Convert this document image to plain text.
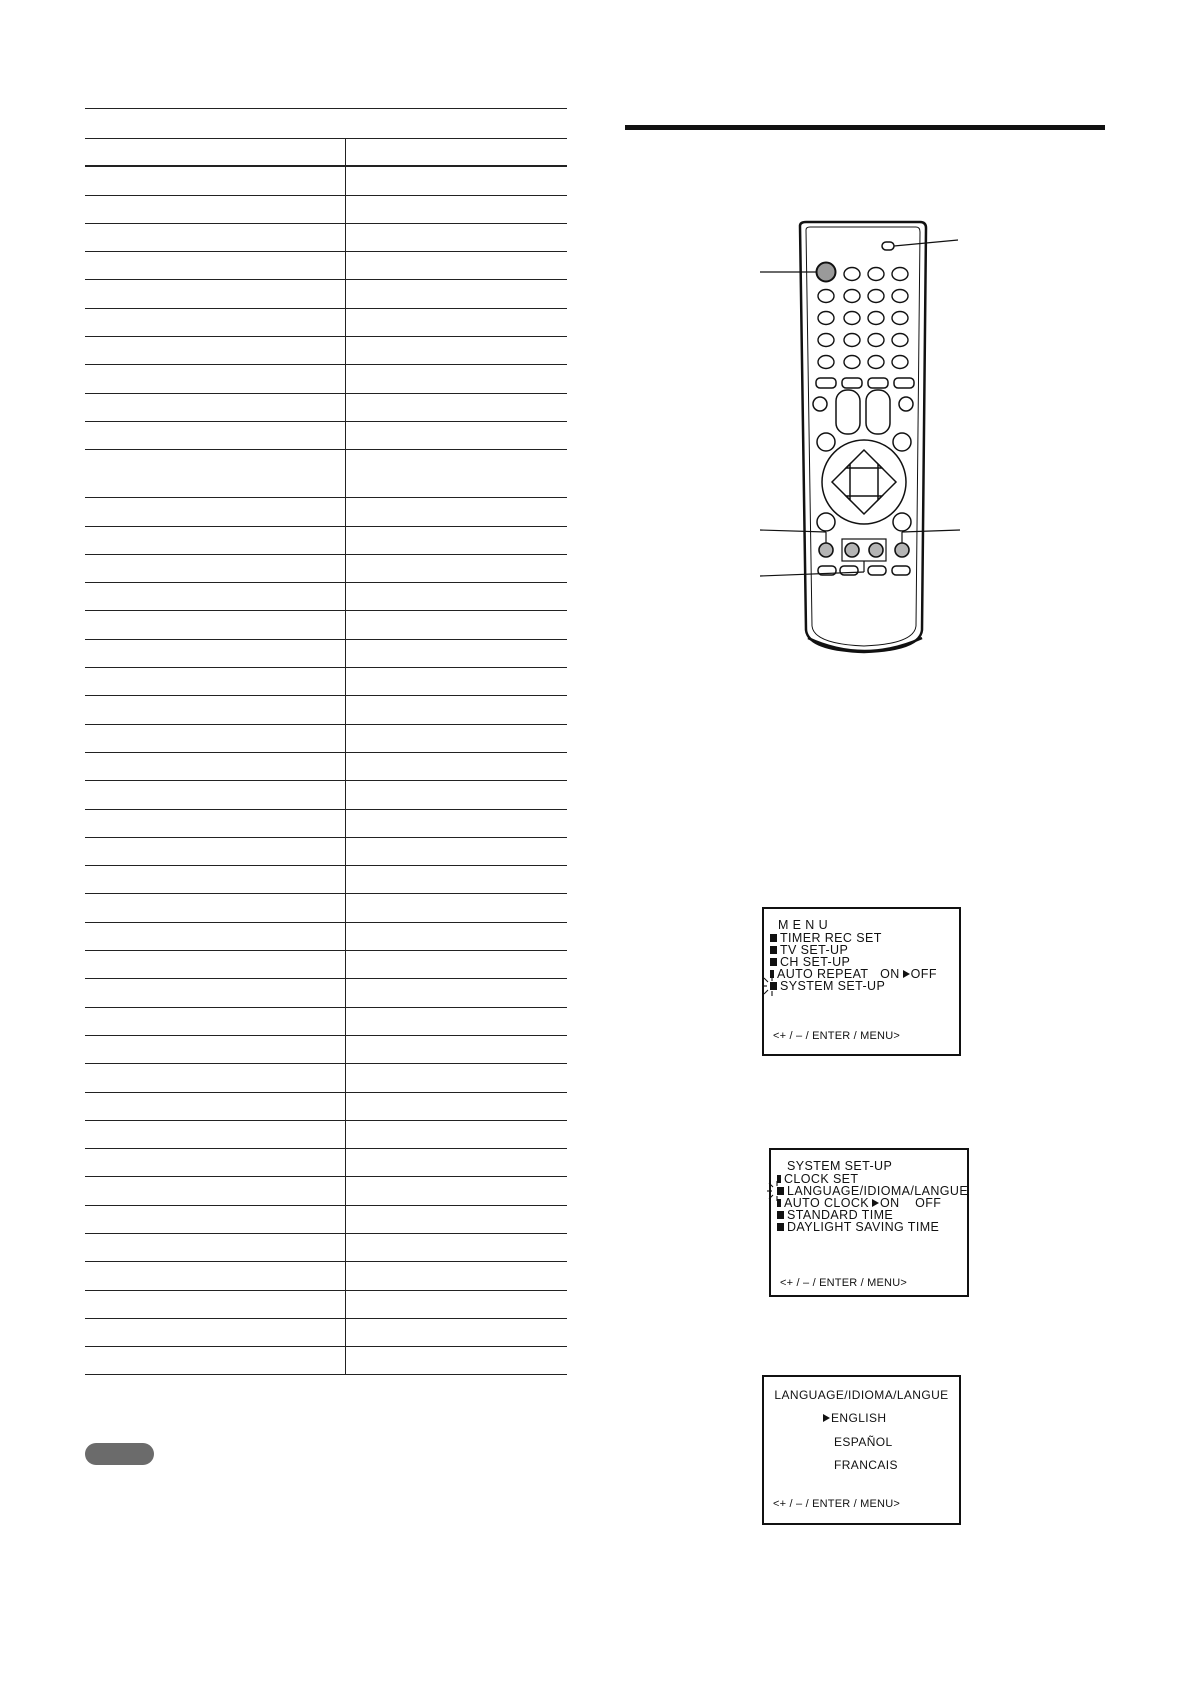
M E N U
TIMER REC SET
TV SET-UP
CH SET-UP
AUTO REPEAT ON OFF
SYSTEM SET-UP
<+ / – / ENTER / MENU>
SYSTEM SET-UP
CLOCK SET
LANGUAGE/IDIOMA/LANGUE
AUTO CLOCK ON OFF
STANDARD TIME
DAYLIGHT SAVING TIME
<+ / – / ENTER / MENU>
LANGUAGE/IDIOMA/LANGUE
ENGLISH
ESPAÑOL
FRANCAIS
<+ / – / ENTER / MENU>
